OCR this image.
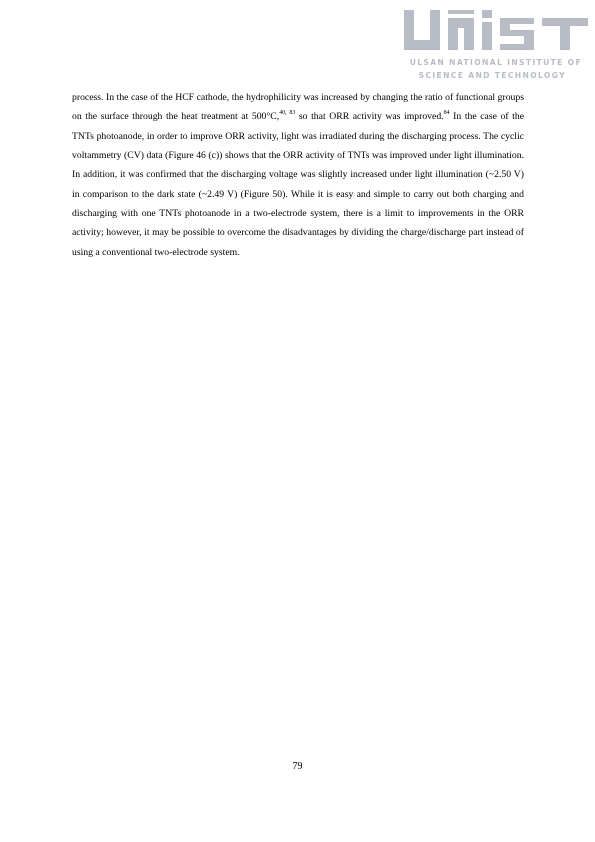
ULSAN NATIONAL INSTITUTE OF
SCIENCE AND TECHNOLOGY

process. In the case of the HCF cathode, the hydrophilicity was increased by changing the ratio of functional groups on the surface through the heat treatment at 500°C,$^{40, 83}$ so that ORR activity was improved.$^{84}$ In the case of the TNTs photoanode, in order to improve ORR activity, light was irradiated during the discharging process. The cyclic voltammetry (CV) data (Figure 46 (c)) shows that the ORR activity of TNTs was improved under light illumination. In addition, it was confirmed that the discharging voltage was slightly increased under light illumination (~2.50 V) in comparison to the dark state (~2.49 V) (Figure 50). While it is easy and simple to carry out both charging and discharging with one TNTs photoanode in a two-electrode system, there is a limit to improvements in the ORR activity; however, it may be possible to overcome the disadvantages by dividing the charge/discharge part instead of using a conventional two-electrode system.

79
